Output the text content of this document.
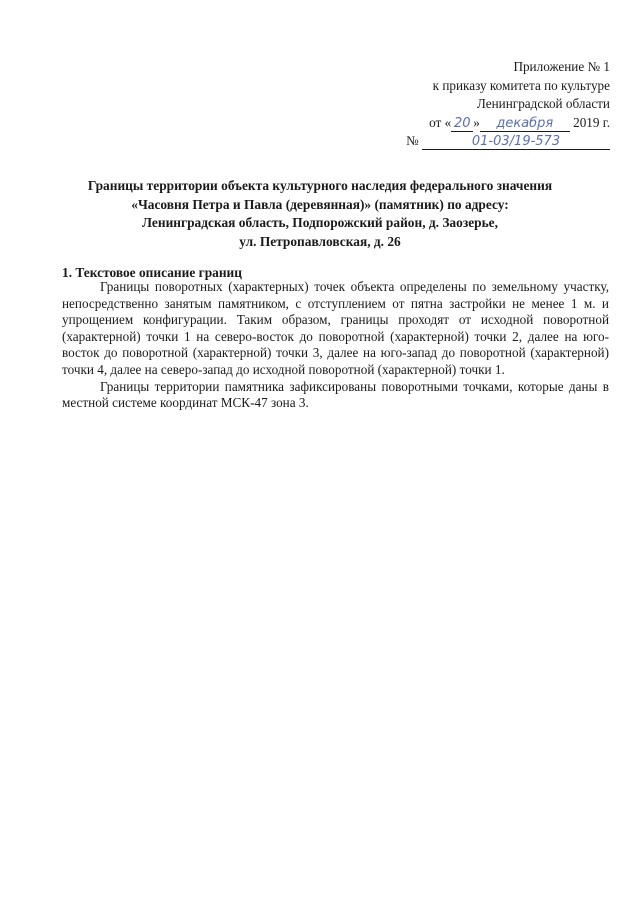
Приложение № 1
к приказу комитета по культуре
Ленинградской области
от « 20 » декабря 2019 г.
№	01-03/19-573
Границы территории объекта культурного наследия федерального значения
«Часовня Петра и Павла (деревянная)» (памятник) по адресу:
Ленинградская область, Подпорожский район, д. Заозерье,
ул. Петропавловская, д. 26
1. Текстовое описание границ

Границы поворотных (характерных) точек объекта определены по земельному участку, непосредственно занятым памятником, с отступлением от пятна застройки не менее 1 м. и упрощением конфигурации. Таким образом, границы проходят от исходной поворотной (характерной) точки 1 на северо-восток до поворотной (характерной) точки 2, далее на юго-восток до поворотной (характерной) точки 3, далее на юго-запад до поворотной (характерной) точки 4, далее на северо-запад до исходной поворотной (характерной) точки 1.

Границы территории памятника зафиксированы поворотными точками, которые даны в местной системе координат МСК-47 зона 3.
